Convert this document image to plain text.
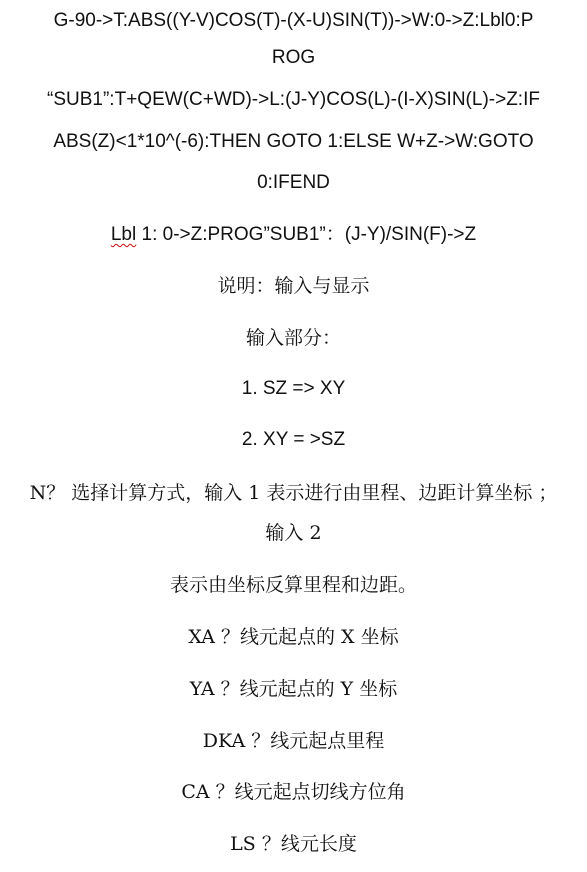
G-90->T:ABS((Y-V)COS(T)-(X-U)SIN(T))->W:0->Z:Lbl0:P
ROG
“SUB1”:T+QEW(C+WD)->L:(J-Y)COS(L)-(I-X)SIN(L)->Z:IF
ABS(Z)<1*10^(-6):THEN GOTO 1:ELSE W+Z->W:GOTO
0:IFEND
Lbl 1: 0->Z:PROG”SUB1”：(J-Y)/SIN(F)->Z
说明：输入与显示
输入部分：
1. SZ => XY
2. XY = >SZ
N？ 选择计算方式，输入 1 表示进行由里程、边距计算坐标 ；
输入 2
表示由坐标反算里程和边距。
XA ？线元起点的 X 坐标
YA ？线元起点的 Y 坐标
DKA ？线元起点里程
CA ？线元起点切线方位角
LS ？线元长度
